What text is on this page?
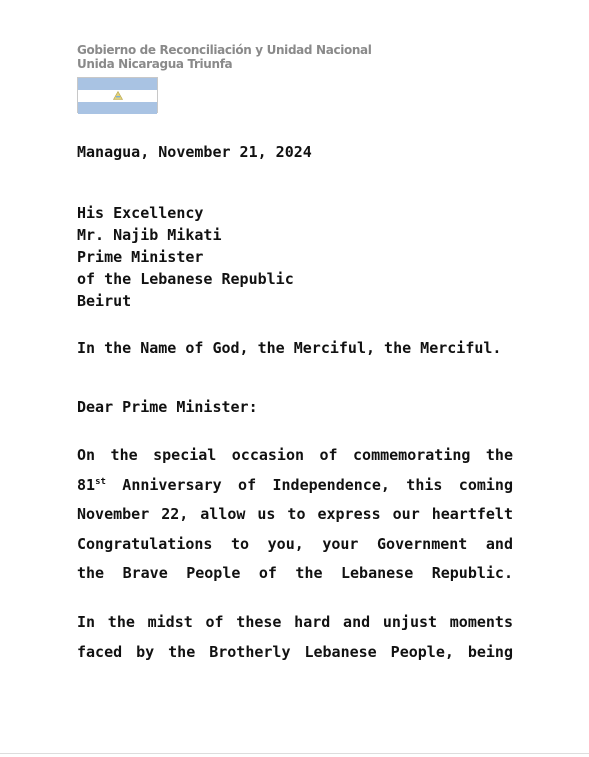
Gobierno de Reconciliación y Unidad Nacional
Unida Nicaragua Triunfa
Managua, November 21, 2024
His Excellency
Mr. Najib Mikati
Prime Minister
of the Lebanese Republic
Beirut
In the Name of God, the Merciful, the Merciful.
Dear Prime Minister:
On the special occasion of commemorating the
81st Anniversary of Independence, this coming
November 22, allow us to express our heartfelt
Congratulations to you, your Government and
the Brave People of the Lebanese Republic.
In the midst of these hard and unjust moments
faced by the Brotherly Lebanese People, being
